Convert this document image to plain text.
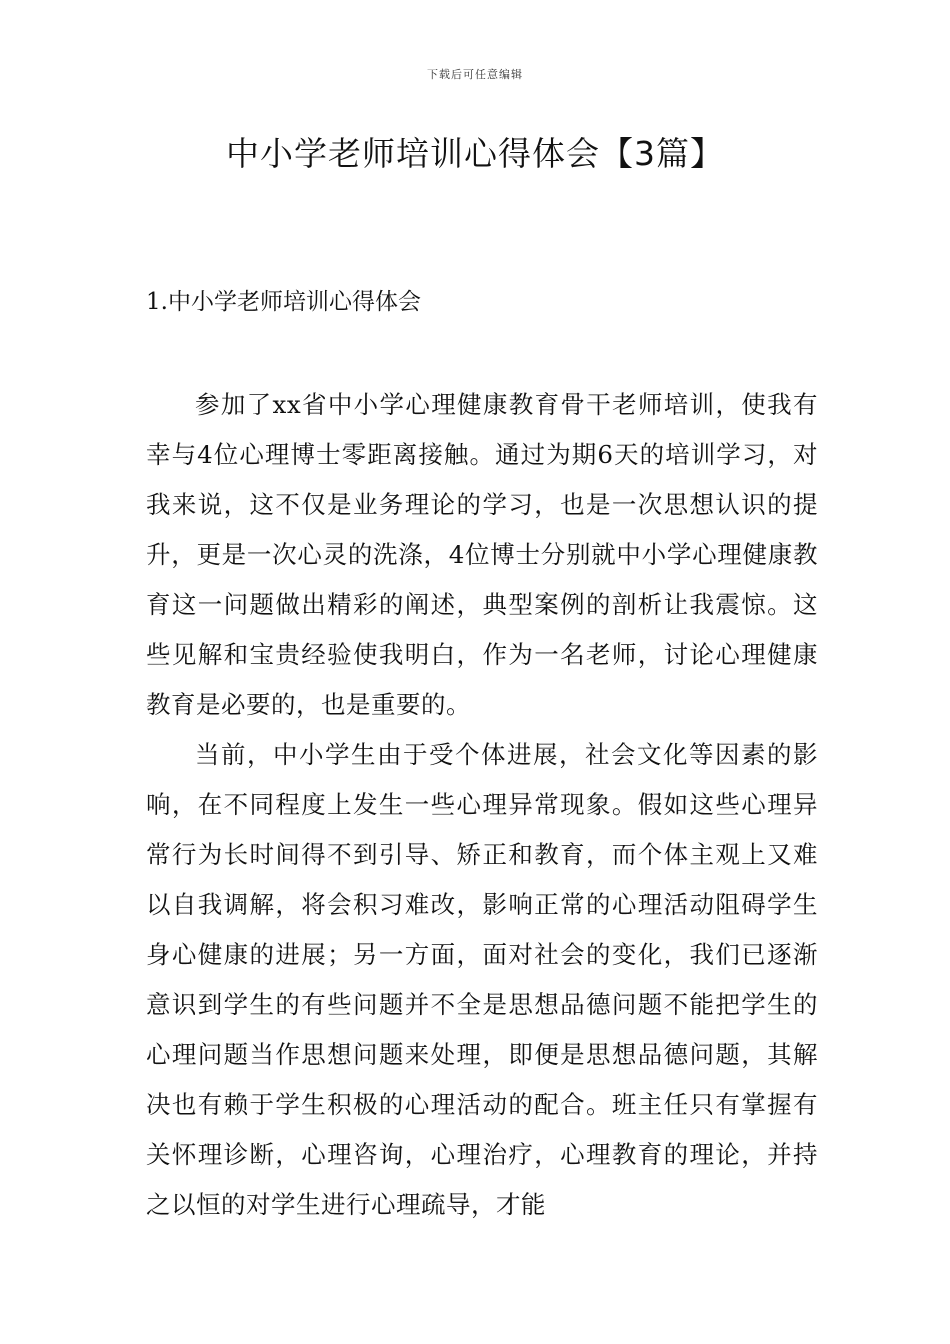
下载后可任意编辑
中小学老师培训心得体会【3篇】
1.中小学老师培训心得体会

参加了xx省中小学心理健康教育骨干老师培训，使我有幸与4位心理博士零距离接触。通过为期6天的培训学习，对我来说，这不仅是业务理论的学习，也是一次思想认识的提升，更是一次心灵的洗涤，4位博士分别就中小学心理健康教育这一问题做出精彩的阐述，典型案例的剖析让我震惊。这些见解和宝贵经验使我明白，作为一名老师，讨论心理健康教育是必要的，也是重要的。

当前，中小学生由于受个体进展，社会文化等因素的影响，在不同程度上发生一些心理异常现象。假如这些心理异常行为长时间得不到引导、矫正和教育，而个体主观上又难以自我调解，将会积习难改，影响正常的心理活动阻碍学生身心健康的进展；另一方面，面对社会的变化，我们已逐渐意识到学生的有些问题并不全是思想品德问题不能把学生的心理问题当作思想问题来处理，即便是思想品德问题，其解决也有赖于学生积极的心理活动的配合。班主任只有掌握有关怀理诊断，心理咨询，心理治疗，心理教育的理论，并持之以恒的对学生进行心理疏导，才能
